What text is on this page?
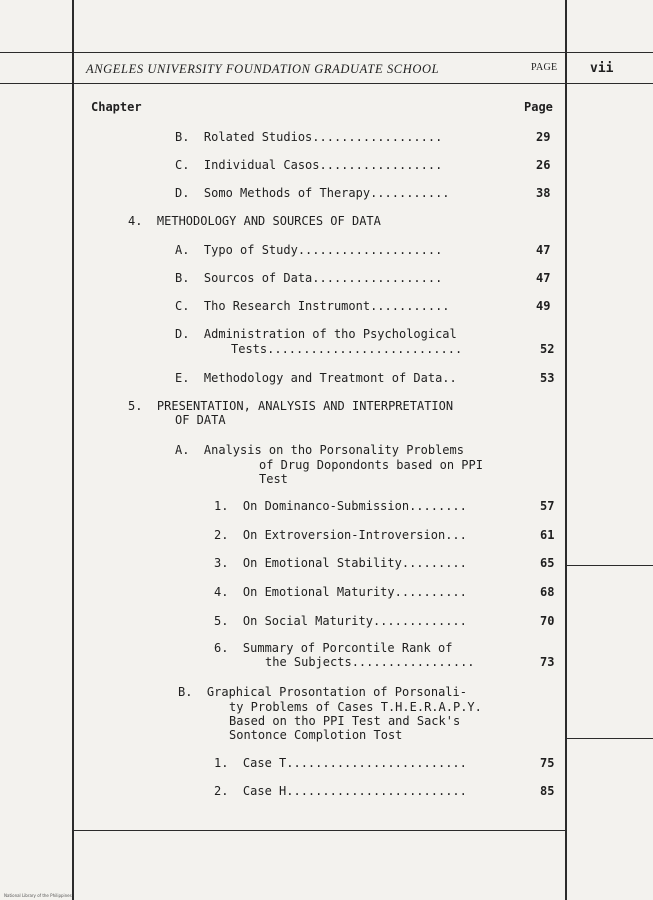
ANGELES UNIVERSITY FOUNDATION GRADUATE SCHOOL	PAGE	vii
Chapter	Page
B.  Rolated Studios..................	29
C.  Individual Casos.................	26
D.  Somo Methods of Therapy...........	38
4.  METHODOLOGY AND SOURCES OF DATA
A.  Typo of Study....................	47
B.  Sourcos of Data..................	47
C.  Tho Research Instrumont...........	49
D.  Administration of tho Psychological
Tests...........................	52
E.  Methodology and Treatmont of Data..	53
5.  PRESENTATION, ANALYSIS AND INTERPRETATION
OF DATA
A.  Analysis on tho Porsonality Problems
of Drug Dopondonts based on PPI
Test
1.  On Dominanco-Submission........	57
2.  On Extroversion-Introversion...	61
3.  On Emotional Stability.........	65
4.  On Emotional Maturity..........	68
5.  On Social Maturity.............	70
6.  Summary of Porcontile Rank of
the Subjects.................	73
B.  Graphical Prosontation of Porsonali-
ty Problems of Cases T.H.E.R.A.P.Y.
Based on tho PPI Test and Sack's
Sontonce Complotion Tost
1.  Case T.........................	75
2.  Case H.........................	85
National Library of the Philippines
